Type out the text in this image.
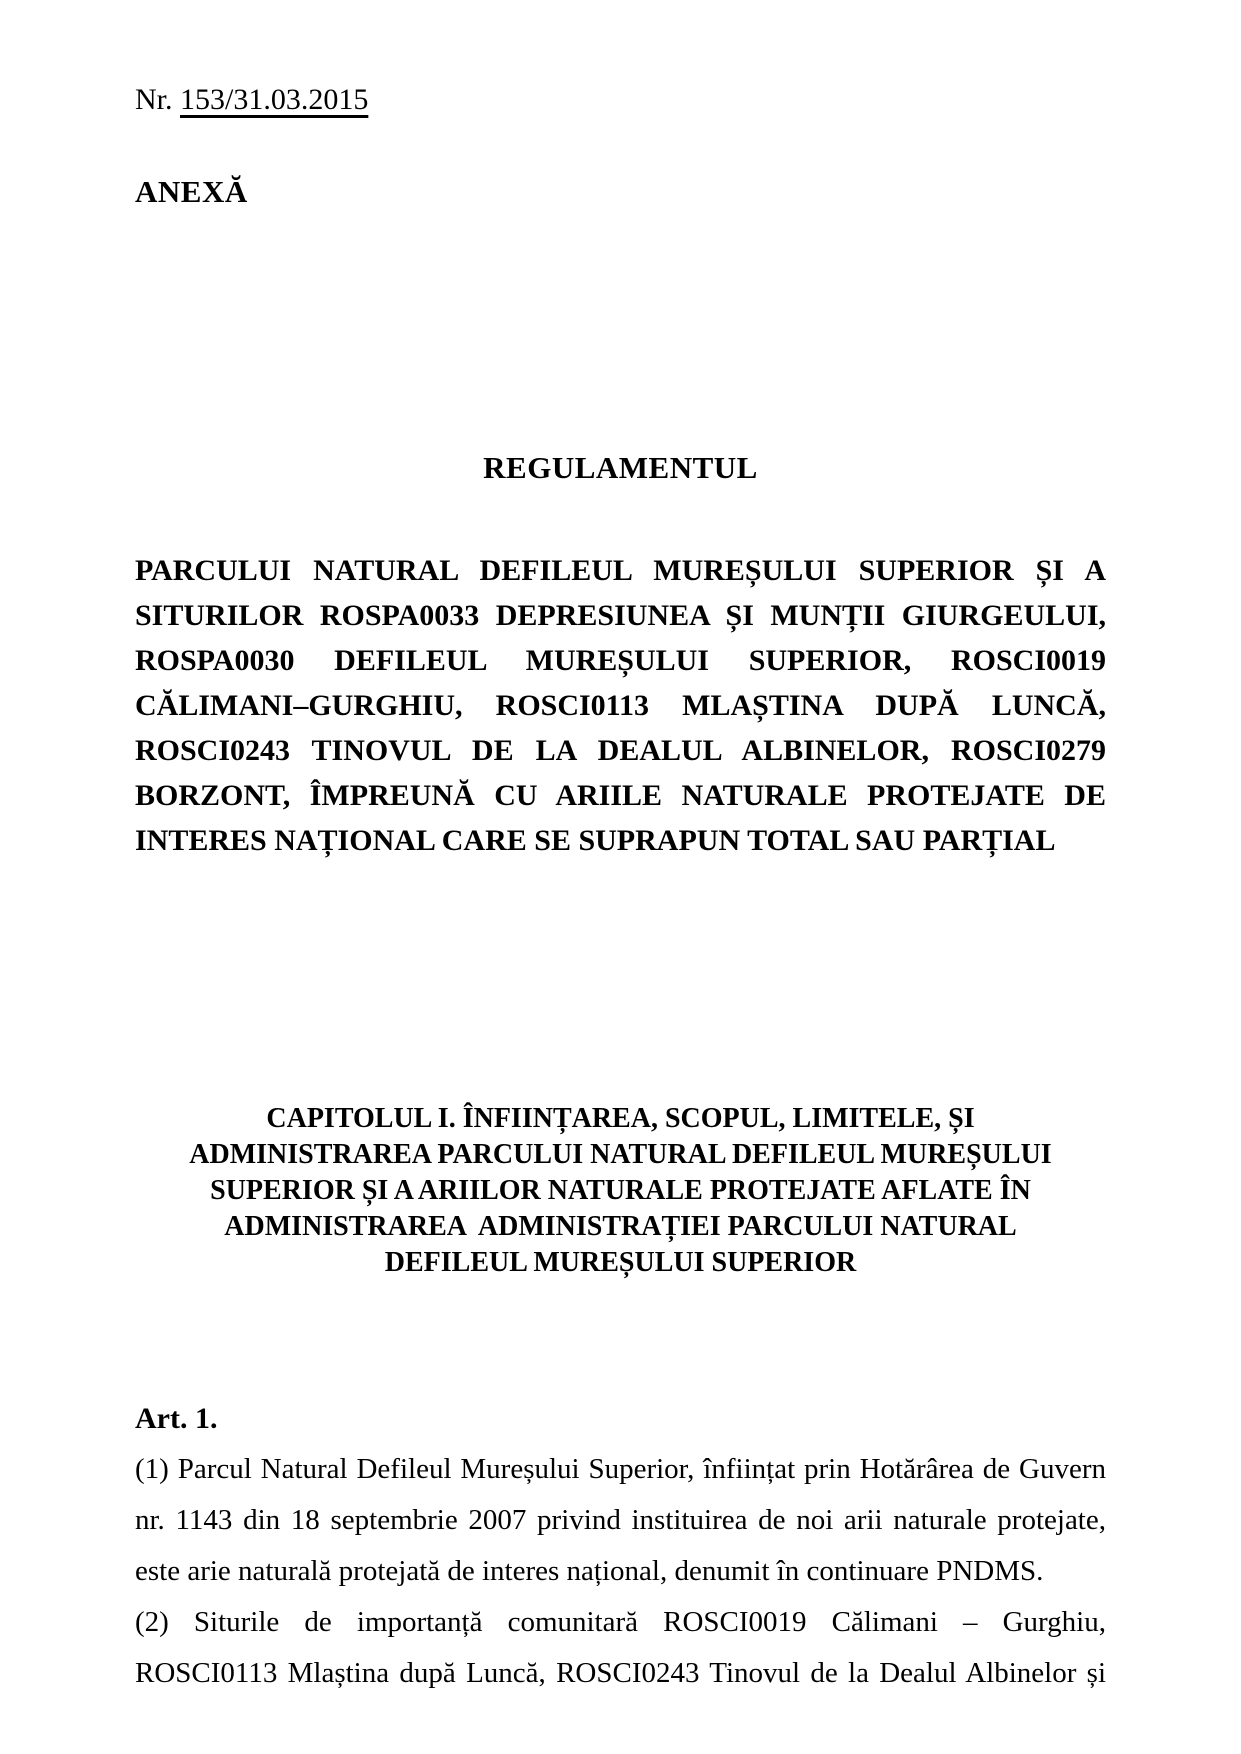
Nr. 153/31.03.2015
ANEXĂ
REGULAMENTUL
PARCULUI NATURAL DEFILEUL MUREȘULUI SUPERIOR ȘI A
SITURILOR ROSPA0033 DEPRESIUNEA ȘI MUNȚII GIURGEULUI,
ROSPA0030 DEFILEUL MUREȘULUI SUPERIOR, ROSCI0019
CĂLIMANI–GURGHIU, ROSCI0113 MLAȘTINA DUPĂ LUNCĂ,
ROSCI0243 TINOVUL DE LA DEALUL ALBINELOR, ROSCI0279
BORZONT, ÎMPREUNĂ CU ARIILE NATURALE PROTEJATE DE
INTERES NAȚIONAL CARE SE SUPRAPUN TOTAL SAU PARȚIAL
CAPITOLUL I. ÎNFIINȚAREA, SCOPUL, LIMITELE, ȘI
ADMINISTRAREA PARCULUI NATURAL DEFILEUL MUREȘULUI
SUPERIOR ȘI A ARIILOR NATURALE PROTEJATE AFLATE ÎN
ADMINISTRAREA  ADMINISTRAȚIEI PARCULUI NATURAL
DEFILEUL MUREȘULUI SUPERIOR
Art. 1.
(1) Parcul Natural Defileul Mureșului Superior, înființat prin Hotărârea de Guvern
nr. 1143 din 18 septembrie 2007 privind instituirea de noi arii naturale protejate,
este arie naturală protejată de interes național, denumit în continuare PNDMS.
(2) Siturile de importanță comunitară ROSCI0019 Călimani – Gurghiu,
ROSCI0113 Mlaștina după Luncă, ROSCI0243 Tinovul de la Dealul Albinelor și
